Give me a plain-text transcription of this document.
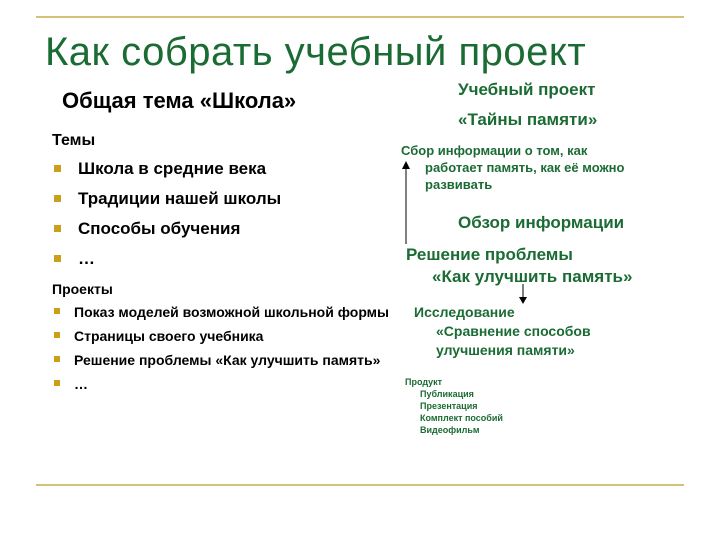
Как собрать учебный проект
Общая тема «Школа»
Темы
Школа в средние века
Традиции нашей школы
Способы обучения
…
Проекты
Показ моделей возможной школьной формы
Страницы своего учебника
Решение проблемы «Как улучшить память»
…
Учебный проект
«Тайны памяти»
Сбор информации о том, как
работает память, как её можно
развивать
Обзор информации
Решение проблемы
«Как улучшить память»
Исследование
«Сравнение способов
улучшения памяти»
Продукт
Публикация
Презентация
Комплект пособий
Видеофильм
